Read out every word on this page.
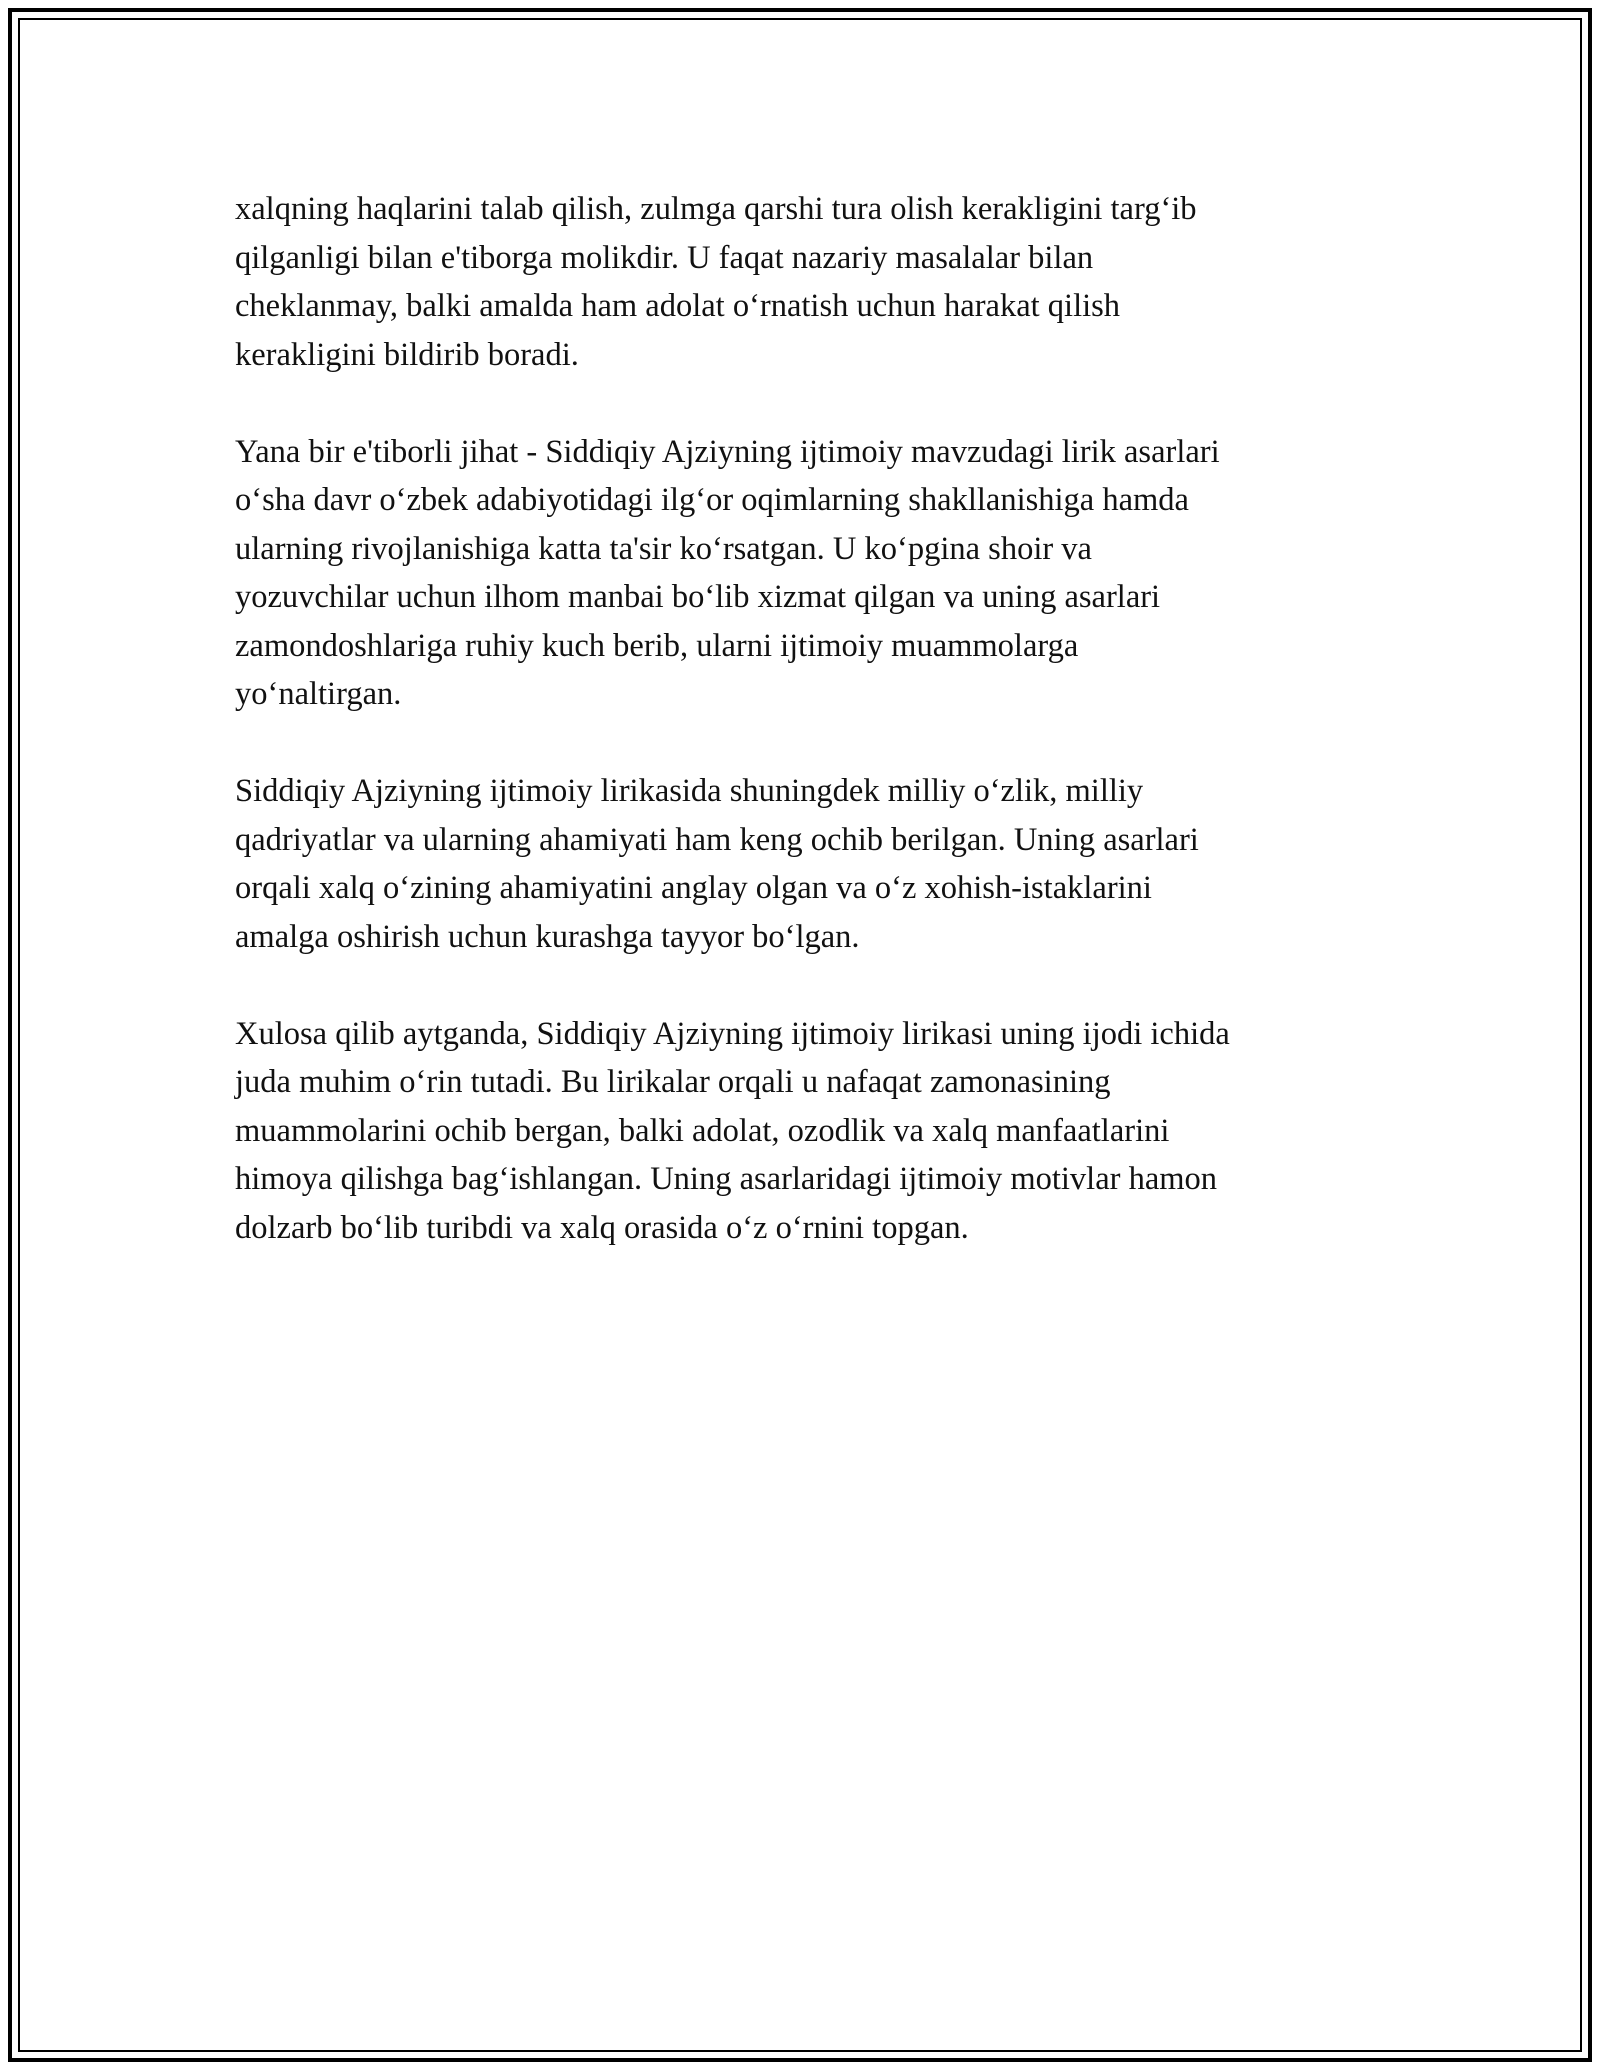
xalqning haqlarini talab qilish, zulmga qarshi tura olish kerakligini targ‘ib
qilganligi bilan e'tiborga molikdir. U faqat nazariy masalalar bilan
cheklanmay, balki amalda ham adolat o‘rnatish uchun harakat qilish
kerakligini bildirib boradi.

Yana bir e'tiborli jihat - Siddiqiy Ajziyning ijtimoiy mavzudagi lirik asarlari
o‘sha davr o‘zbek adabiyotidagi ilg‘or oqimlarning shakllanishiga hamda
ularning rivojlanishiga katta ta'sir ko‘rsatgan. U ko‘pgina shoir va
yozuvchilar uchun ilhom manbai bo‘lib xizmat qilgan va uning asarlari
zamondoshlariga ruhiy kuch berib, ularni ijtimoiy muammolarga
yo‘naltirgan.

Siddiqiy Ajziyning ijtimoiy lirikasida shuningdek milliy o‘zlik, milliy
qadriyatlar va ularning ahamiyati ham keng ochib berilgan. Uning asarlari
orqali xalq o‘zining ahamiyatini anglay olgan va o‘z xohish-istaklarini
amalga oshirish uchun kurashga tayyor bo‘lgan.

Xulosa qilib aytganda, Siddiqiy Ajziyning ijtimoiy lirikasi uning ijodi ichida
juda muhim o‘rin tutadi. Bu lirikalar orqali u nafaqat zamonasining
muammolarini ochib bergan, balki adolat, ozodlik va xalq manfaatlarini
himoya qilishga bag‘ishlangan. Uning asarlaridagi ijtimoiy motivlar hamon
dolzarb bo‘lib turibdi va xalq orasida o‘z o‘rnini topgan.
